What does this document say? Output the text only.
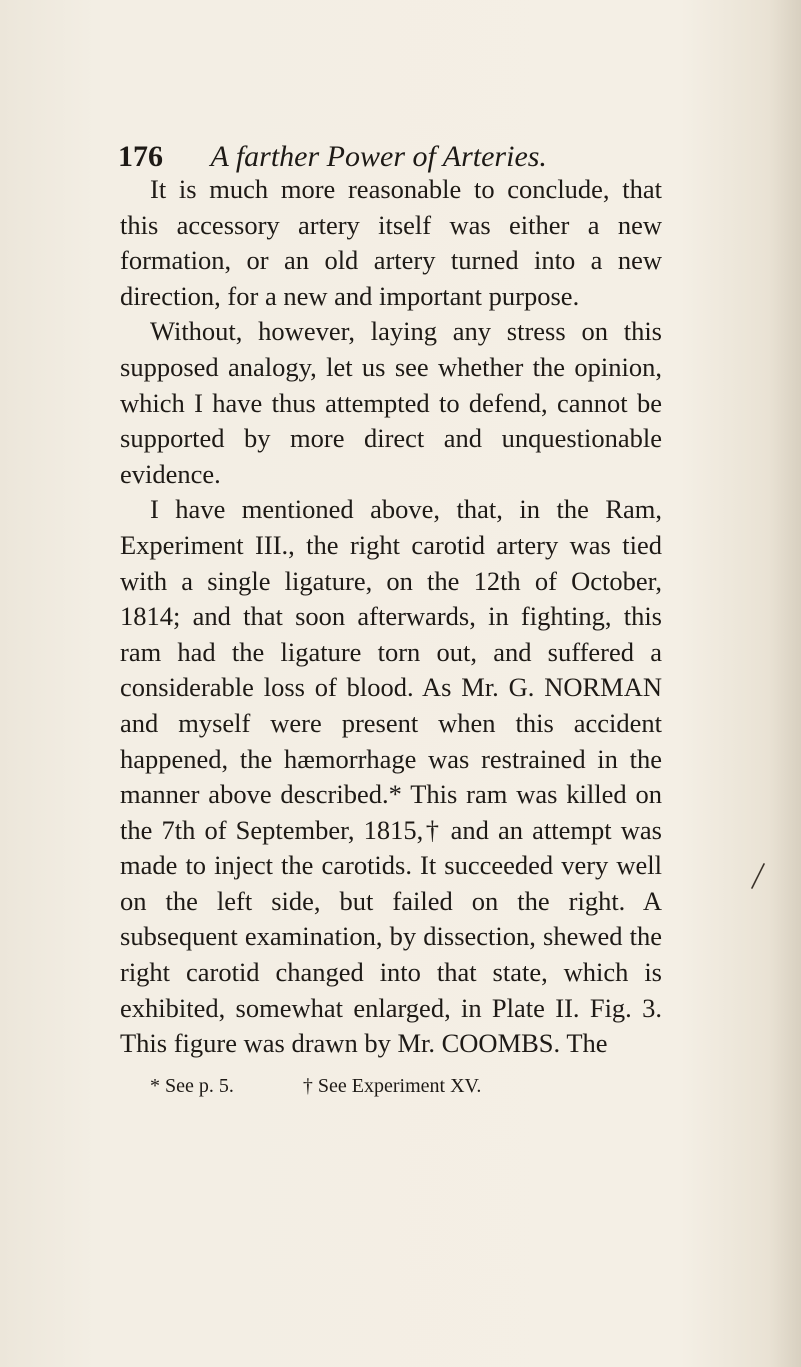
176 A farther Power of Arteries.

It is much more reasonable to conclude, that this accessory artery itself was either a new formation, or an old artery turned into a new direction, for a new and important purpose.

Without, however, laying any stress on this supposed analogy, let us see whether the opinion, which I have thus attempted to defend, cannot be supported by more direct and unquestionable evidence.

I have mentioned above, that, in the Ram, Experiment III., the right carotid artery was tied with a single ligature, on the 12th of October, 1814; and that soon afterwards, in fighting, this ram had the ligature torn out, and suffered a considerable loss of blood. As Mr. G. NORMAN and myself were present when this accident happened, the hæmorrhage was restrained in the manner above described.* This ram was killed on the 7th of September, 1815,† and an attempt was made to inject the carotids. It succeeded very well on the left side, but failed on the right. A subsequent examination, by dissection, shewed the right carotid changed into that state, which is exhibited, somewhat enlarged, in Plate II. Fig. 3. This figure was drawn by Mr. COOMBS. The

* See p. 5.	† See Experiment XV.
